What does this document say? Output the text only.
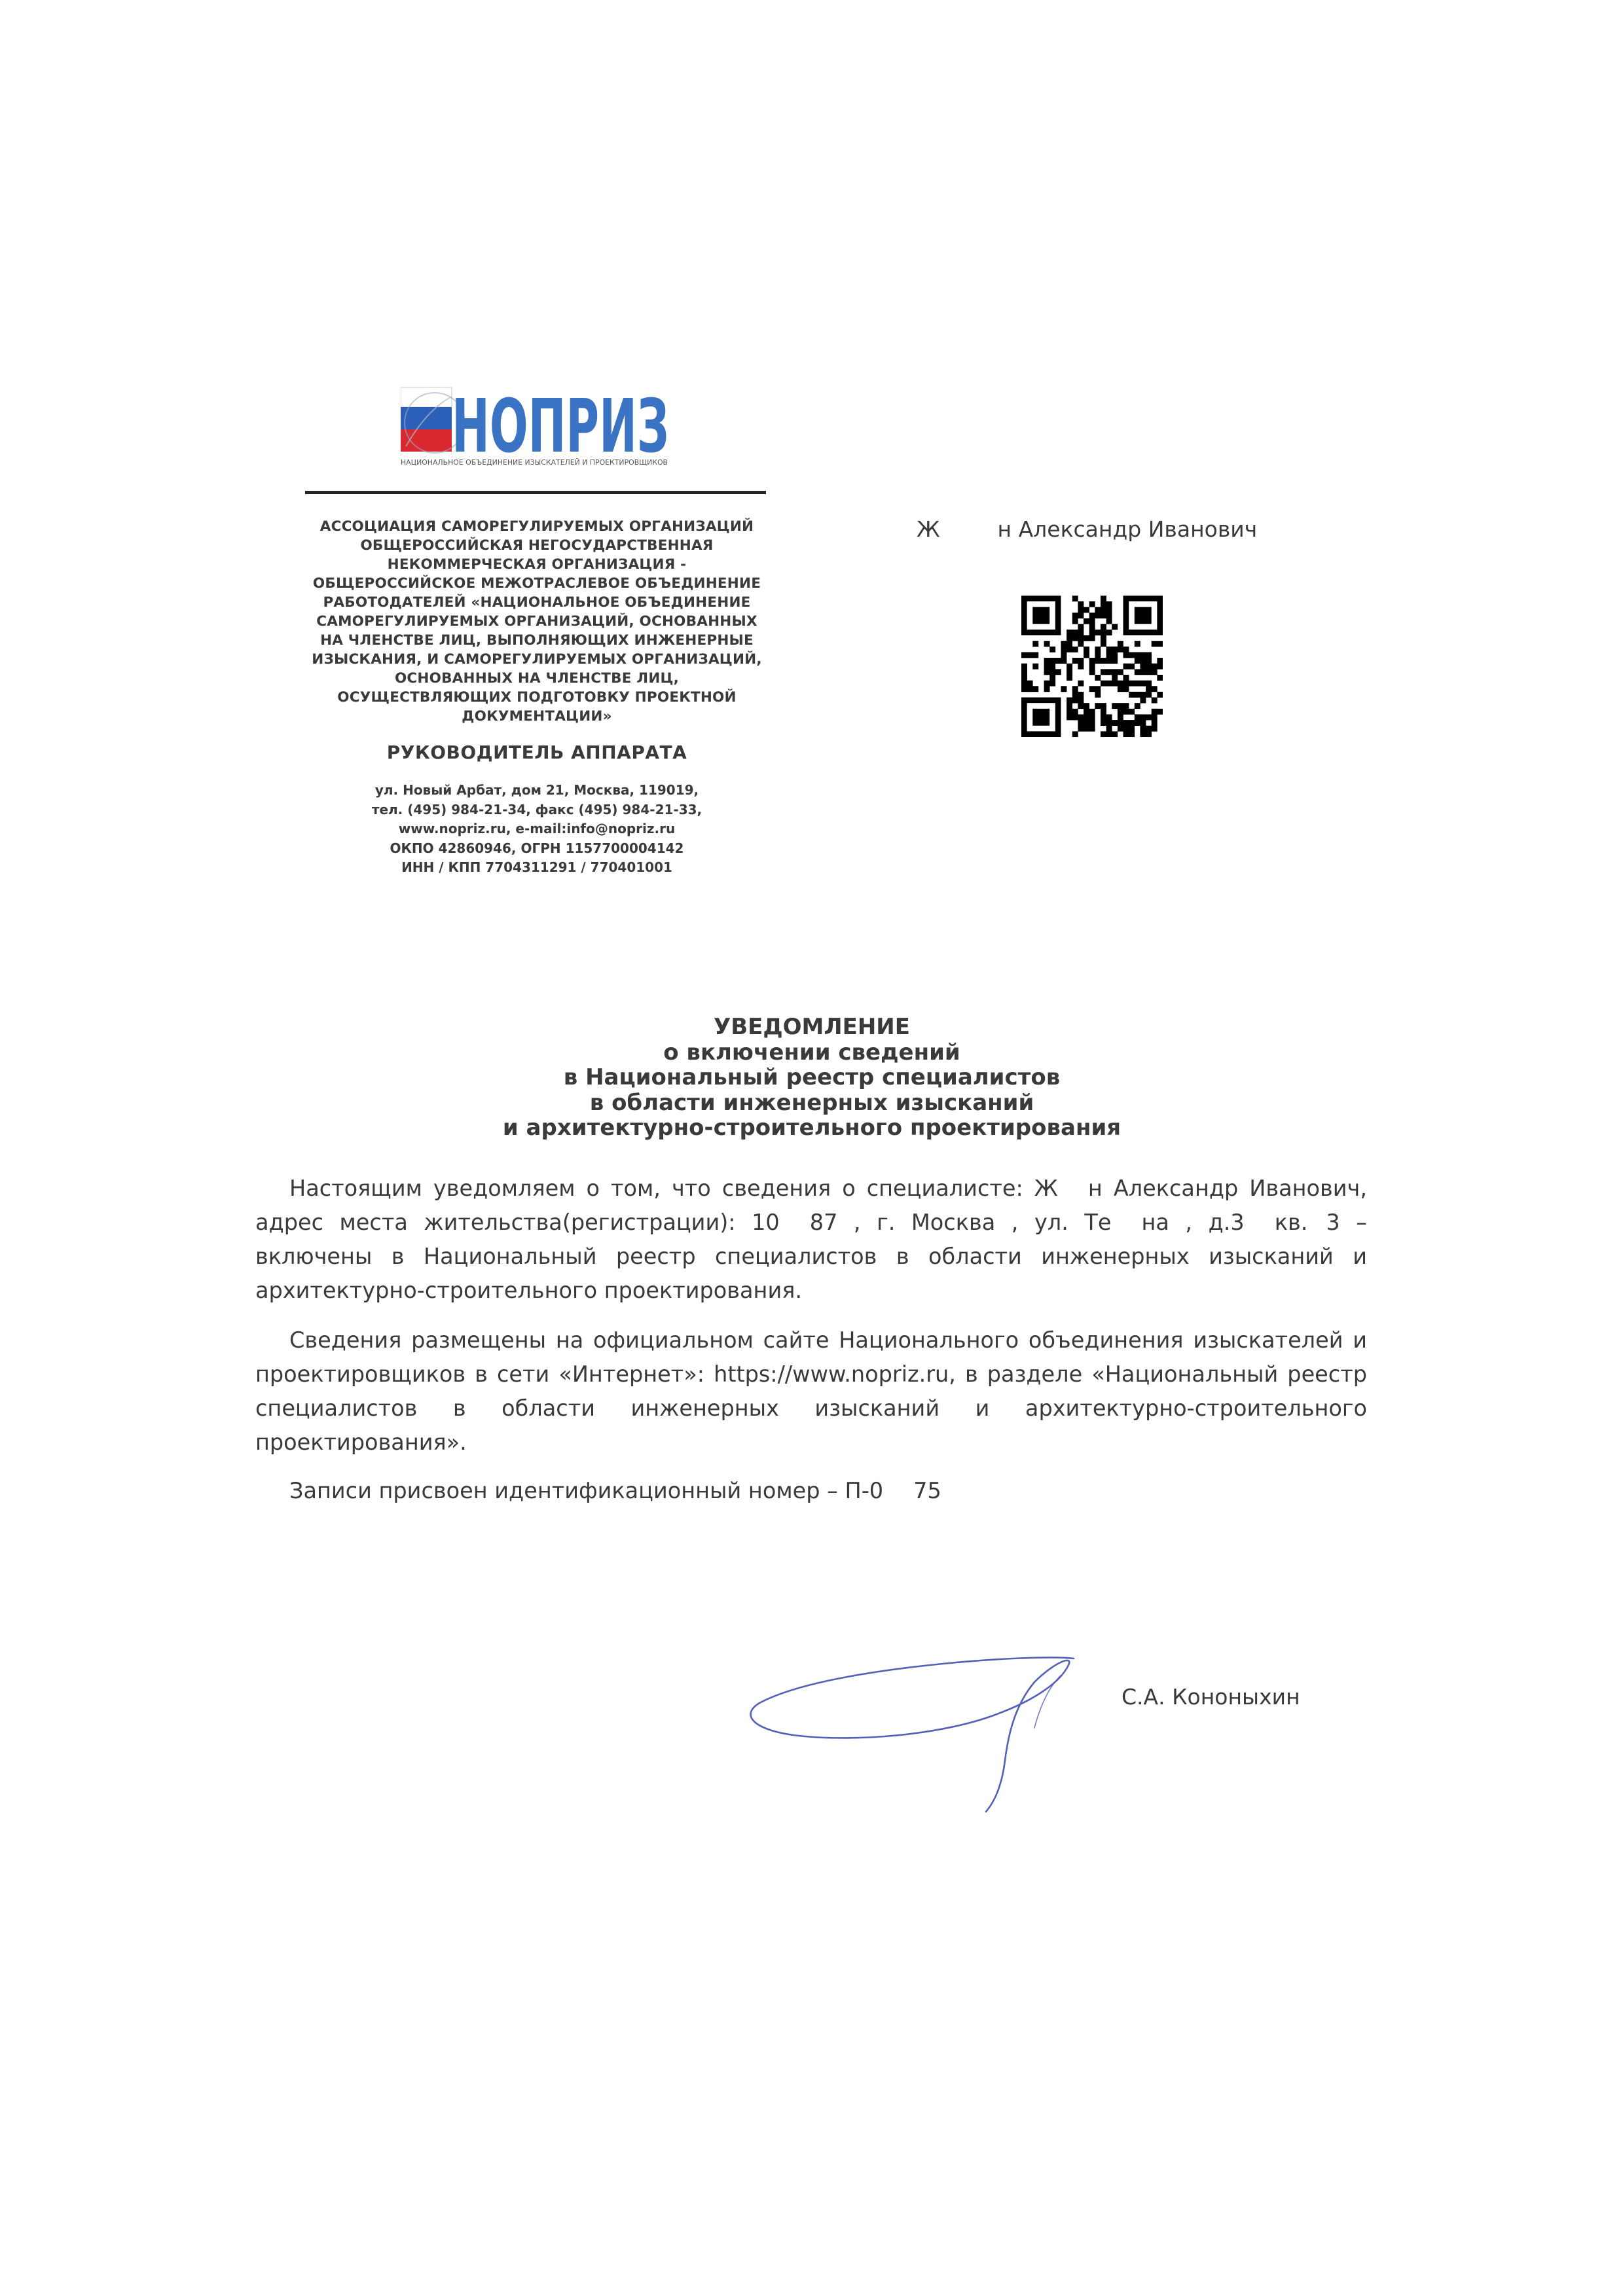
НОПРИЗ
НАЦИОНАЛЬНОЕ ОБЪЕДИНЕНИЕ ИЗЫСКАТЕЛЕЙ И ПРОЕКТИРОВЩИКОВ
АССОЦИАЦИЯ САМОРЕГУЛИРУЕМЫХ ОРГАНИЗАЦИЙ
ОБЩЕРОССИЙСКАЯ НЕГОСУДАРСТВЕННАЯ
НЕКОММЕРЧЕСКАЯ ОРГАНИЗАЦИЯ -
ОБЩЕРОССИЙСКОЕ МЕЖОТРАСЛЕВОЕ ОБЪЕДИНЕНИЕ
РАБОТОДАТЕЛЕЙ «НАЦИОНАЛЬНОЕ ОБЪЕДИНЕНИЕ
САМОРЕГУЛИРУЕМЫХ ОРГАНИЗАЦИЙ, ОСНОВАННЫХ
НА ЧЛЕНСТВЕ ЛИЦ, ВЫПОЛНЯЮЩИХ ИНЖЕНЕРНЫЕ
ИЗЫСКАНИЯ, И САМОРЕГУЛИРУЕМЫХ ОРГАНИЗАЦИЙ,
ОСНОВАННЫХ НА ЧЛЕНСТВЕ ЛИЦ,
ОСУЩЕСТВЛЯЮЩИХ ПОДГОТОВКУ ПРОЕКТНОЙ
ДОКУМЕНТАЦИИ»
РУКОВОДИТЕЛЬ АППАРАТА
ул. Новый Арбат, дом 21, Москва, 119019,
тел. (495) 984-21-34, факс (495) 984-21-33,
www.nopriz.ru, e-mail:info@nopriz.ru
ОКПО 42860946, ОГРН 1157700004142
ИНН / КПП 7704311291 / 770401001
Ж	н Александр Иванович
УВЕДОМЛЕНИЕ
о включении сведений
в Национальный реестр специалистов
в области инженерных изысканий
и архитектурно-строительного проектирования
Настоящим уведомляем о том, что сведения о специалисте: Ж н Александр Иванович,
адрес места жительства(регистрации): 10 87 , г. Москва , ул. Те на , д.3 кв. 3 –
включены в Национальный реестр специалистов в области инженерных изысканий и
архитектурно-строительного проектирования.
Сведения размещены на официальном сайте Национального объединения изыскателей и
проектировщиков в сети «Интернет»: https://www.nopriz.ru, в разделе «Национальный реестр
специалистов в области инженерных изысканий и архитектурно-строительного
проектирования».
Записи присвоен идентификационный номер – П-0 75
С.А. Кононыхин
